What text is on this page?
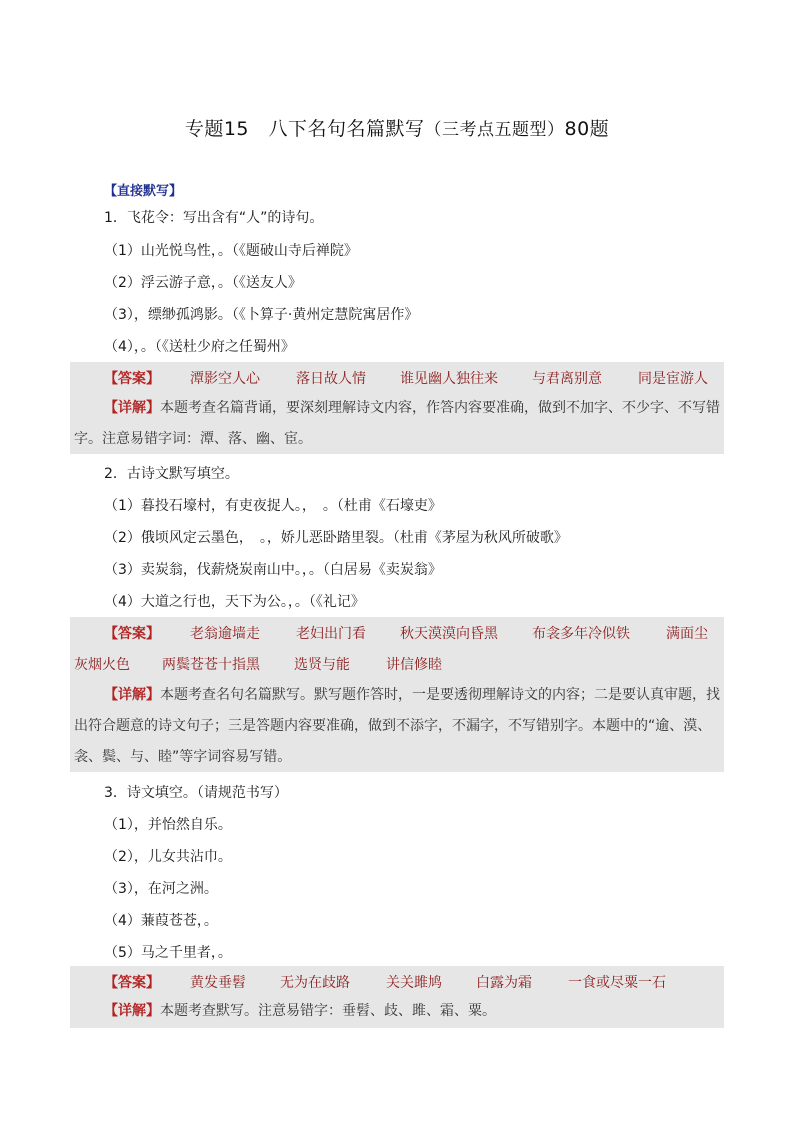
专题15　八下名句名篇默写（三考点五题型）80题
【直接默写】
1．飞花令：写出含有“人”的诗句。
（1）山光悦鸟性，。（《题破山寺后禅院》
（2）浮云游子意，。（《送友人》
（3），缥缈孤鸿影。（《卜算子·黄州定慧院寓居作》
（4），。（《送杜少府之任蜀州》
【答案】 潭影空人心	落日故人情 谁见幽人独往来 与君离别意	同是宦游人
【详解】本题考查名篇背诵，要深刻理解诗文内容，作答内容要准确，做到不加字、不少字、不写错字。注意易错字词：潭、落、幽、宦。
2．古诗文默写填空。
（1）暮投石壕村，有吏夜捉人。，　。（杜甫《石壕吏》
（2）俄顷风定云墨色，　。，娇儿恶卧踏里裂。（杜甫《茅屋为秋风所破歌》
（3）卖炭翁，伐薪烧炭南山中。，。（白居易《卖炭翁》
（4）大道之行也，天下为公。，。（《礼记》
【答案】 老翁逾墙走	老妇出门看 秋天漠漠向昏黑 布衾多年冷似铁	满面尘
灰烟火色 两鬓苍苍十指黑 选贤与能	讲信修睦
【详解】本题考查名句名篇默写。默写题作答时，一是要透彻理解诗文的内容；二是要认真审题，找出符合题意的诗文句子；三是答题内容要准确，做到不添字，不漏字，不写错别字。本题中的“逾、漠、衾、鬓、与、睦”等字词容易写错。
3．诗文填空。（请规范书写）
（1），并怡然自乐。
（2），儿女共沾巾。
（3），在河之洲。
（4）蒹葭苍苍，。
（5）马之千里者，。
【答案】 黄发垂髫 无为在歧路	关关雎鸠 白露为霜	一食或尽粟一石
【详解】本题考查默写。注意易错字：垂髫、歧、雎、霜、粟。
